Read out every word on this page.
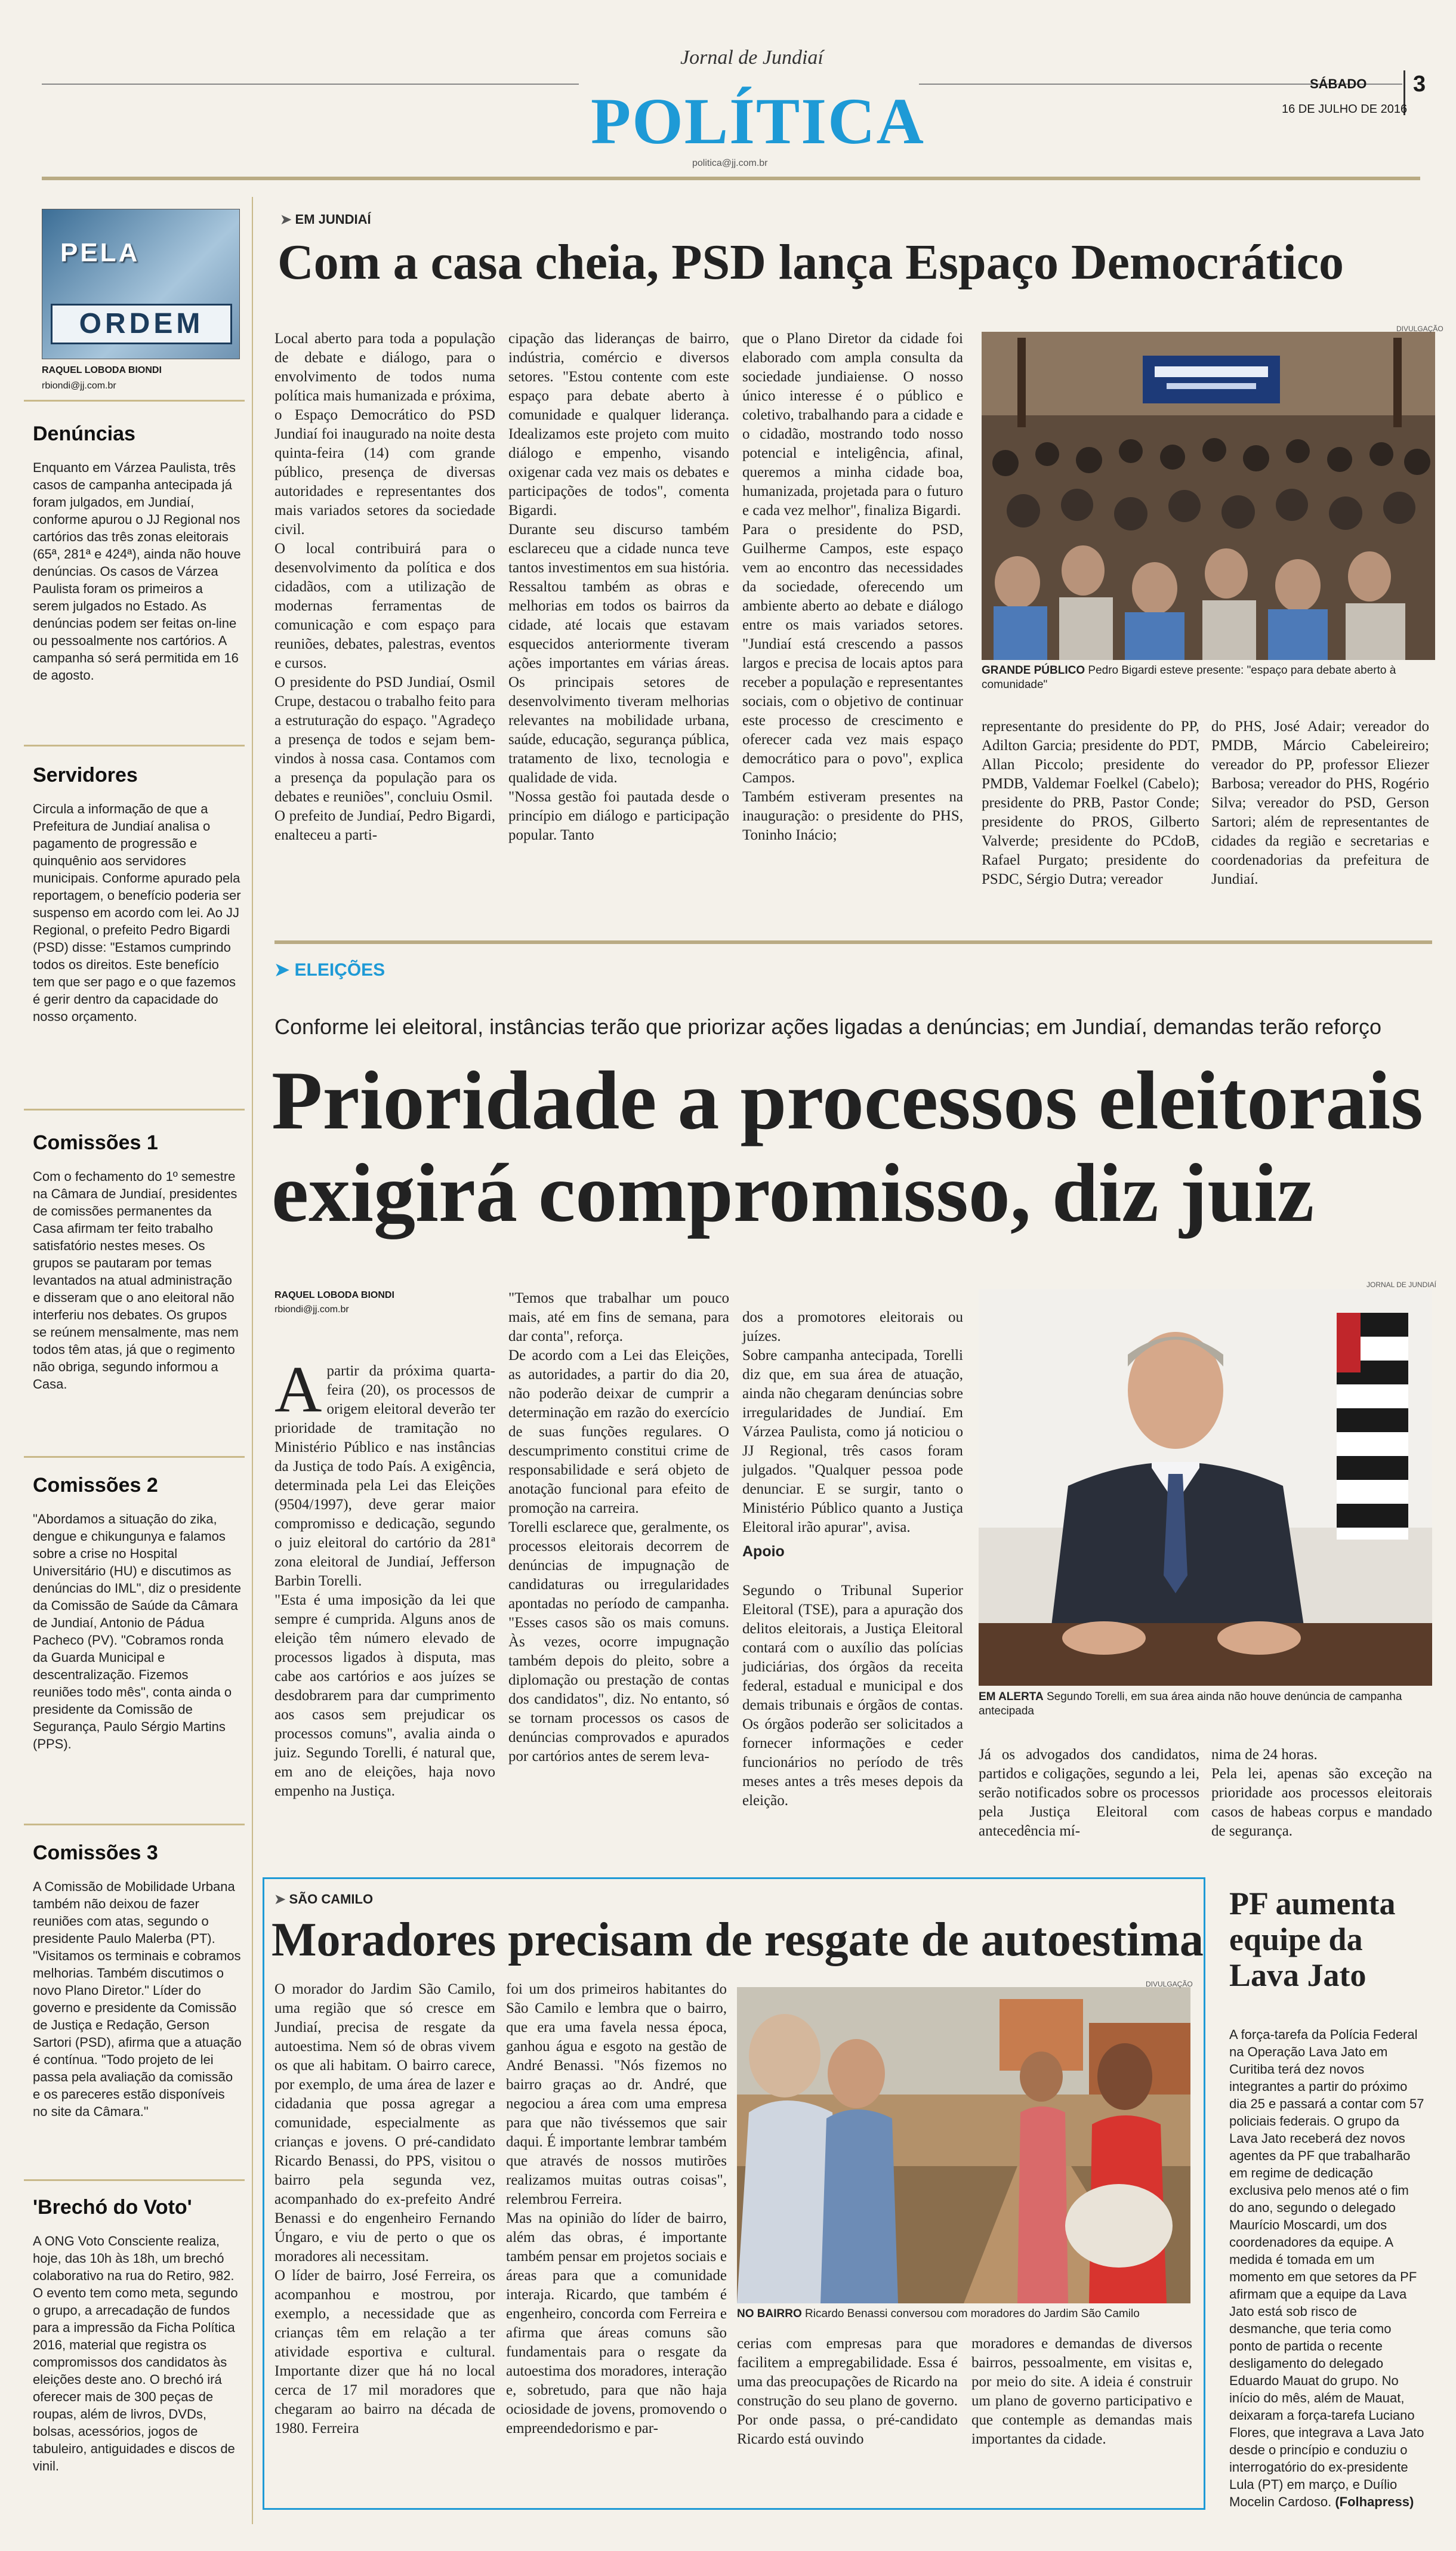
Jornal de Jundiaí
POLÍTICA
politica@jj.com.br
SÁBADO 3
16 DE JULHO DE 2016
PELA
ORDEM
RAQUEL LOBODA BIONDI
rbiondi@jj.com.br
Denúncias
Enquanto em Várzea Paulista, três casos de campanha antecipada já foram julgados, em Jundiaí, conforme apurou o JJ Regional nos cartórios das três zonas eleitorais (65ª, 281ª e 424ª), ainda não houve denúncias. Os casos de Várzea Paulista foram os primeiros a serem julgados no Estado. As denúncias podem ser feitas on-line ou pessoalmente nos cartórios. A campanha só será permitida em 16 de agosto.
Servidores
Circula a informação de que a Prefeitura de Jundiaí analisa o pagamento de progressão e quinquênio aos servidores municipais. Conforme apurado pela reportagem, o benefício poderia ser suspenso em acordo com lei. Ao JJ Regional, o prefeito Pedro Bigardi (PSD) disse: "Estamos cumprindo todos os direitos. Este benefício tem que ser pago e o que fazemos é gerir dentro da capacidade do nosso orçamento.
Comissões 1
Com o fechamento do 1º semestre na Câmara de Jundiaí, presidentes de comissões permanentes da Casa afirmam ter feito trabalho satisfatório nestes meses. Os grupos se pautaram por temas levantados na atual administração e disseram que o ano eleitoral não interferiu nos debates. Os grupos se reúnem mensalmente, mas nem todos têm atas, já que o regimento não obriga, segundo informou a Casa.
Comissões 2
"Abordamos a situação do zika, dengue e chikungunya e falamos sobre a crise no Hospital Universitário (HU) e discutimos as denúncias do IML", diz o presidente da Comissão de Saúde da Câmara de Jundiaí, Antonio de Pádua Pacheco (PV). "Cobramos ronda da Guarda Municipal e descentralização. Fizemos reuniões todo mês", conta ainda o presidente da Comissão de Segurança, Paulo Sérgio Martins (PPS).
Comissões 3
A Comissão de Mobilidade Urbana também não deixou de fazer reuniões com atas, segundo o presidente Paulo Malerba (PT). "Visitamos os terminais e cobramos melhorias. Também discutimos o novo Plano Diretor." Líder do governo e presidente da Comissão de Justiça e Redação, Gerson Sartori (PSD), afirma que a atuação é contínua. "Todo projeto de lei passa pela avaliação da comissão e os pareceres estão disponíveis no site da Câmara."
'Brechó do Voto'
A ONG Voto Consciente realiza, hoje, das 10h às 18h, um brechó colaborativo na rua do Retiro, 982. O evento tem como meta, segundo o grupo, a arrecadação de fundos para a impressão da Ficha Política 2016, material que registra os compromissos dos candidatos às eleições deste ano. O brechó irá oferecer mais de 300 peças de roupas, além de livros, DVDs, bolsas, acessórios, jogos de tabuleiro, antiguidades e discos de vinil.
➤ EM JUNDIAÍ
Com a casa cheia, PSD lança Espaço Democrático
Local aberto para toda a população de debate e diálogo, para o envolvimento de todos numa política mais humanizada e próxima, o Espaço Democrático do PSD Jundiaí foi inaugurado na noite desta quinta-feira (14) com grande público, presença de diversas autoridades e representantes dos mais variados setores da sociedade civil.
O local contribuirá para o desenvolvimento da política e dos cidadãos, com a utilização de modernas ferramentas de comunicação e com espaço para reuniões, debates, palestras, eventos e cursos.
O presidente do PSD Jundiaí, Osmil Crupe, destacou o trabalho feito para a estruturação do espaço. "Agradeço a presença de todos e sejam bem-vindos à nossa casa. Contamos com a presença da população para os debates e reuniões", concluiu Osmil.
O prefeito de Jundiaí, Pedro Bigardi, enalteceu a parti-
cipação das lideranças de bairro, indústria, comércio e diversos setores. "Estou contente com este espaço para debate aberto à comunidade e qualquer liderança. Idealizamos este projeto com muito diálogo e empenho, visando oxigenar cada vez mais os debates e participações de todos", comenta Bigardi.
Durante seu discurso também esclareceu que a cidade nunca teve tantos investimentos em sua história. Ressaltou também as obras e melhorias em todos os bairros da cidade, até locais que estavam esquecidos anteriormente tiveram ações importantes em várias áreas. Os principais setores de desenvolvimento tiveram melhorias relevantes na mobilidade urbana, saúde, educação, segurança pública, tratamento de lixo, tecnologia e qualidade de vida.
"Nossa gestão foi pautada desde o princípio em diálogo e participação popular. Tanto
que o Plano Diretor da cidade foi elaborado com ampla consulta da sociedade jundiaiense. O nosso único interesse é o público e coletivo, trabalhando para a cidade e o cidadão, mostrando todo nosso potencial e inteligência, afinal, queremos a minha cidade boa, humanizada, projetada para o futuro e cada vez melhor", finaliza Bigardi.
Para o presidente do PSD, Guilherme Campos, este espaço vem ao encontro das necessidades da sociedade, oferecendo um ambiente aberto ao debate e diálogo entre os mais variados setores. "Jundiaí está crescendo a passos largos e precisa de locais aptos para receber a população e representantes sociais, com o objetivo de continuar este processo de crescimento e oferecer cada vez mais espaço democrático para o povo", explica Campos.
Também estiveram presentes na inauguração: o presidente do PHS, Toninho Inácio;
DIVULGAÇÃO
GRANDE PÚBLICO Pedro Bigardi esteve presente: "espaço para debate aberto à comunidade"
representante do presidente do PP, Adilton Garcia; presidente do PDT, Allan Piccolo; presidente do PMDB, Valdemar Foelkel (Cabelo); presidente do PRB, Pastor Conde; presidente do PROS, Gilberto Valverde; presidente do PCdoB, Rafael Purgato; presidente do PSDC, Sérgio Dutra; vereador
do PHS, José Adair; vereador do PMDB, Márcio Cabeleireiro; vereador do PP, professor Eliezer Barbosa; vereador do PHS, Rogério Silva; vereador do PSD, Gerson Sartori; além de representantes de cidades da região e secretarias e coordenadorias da prefeitura de Jundiaí.
➤ ELEIÇÕES
Conforme lei eleitoral, instâncias terão que priorizar ações ligadas a denúncias; em Jundiaí, demandas terão reforço
Prioridade a processos eleitorais
exigirá compromisso, diz juiz
RAQUEL LOBODA BIONDI
rbiondi@jj.com.br

Apartir da próxima quarta-feira (20), os processos de origem eleitoral deverão ter prioridade de tramitação no Ministério Público e nas instâncias da Justiça de todo País. A exigência, determinada pela Lei das Eleições (9504/1997), deve gerar maior compromisso e dedicação, segundo o juiz eleitoral do cartório da 281ª zona eleitoral de Jundiaí, Jefferson Barbin Torelli.
"Esta é uma imposição da lei que sempre é cumprida. Alguns anos de eleição têm número elevado de processos ligados à disputa, mas cabe aos cartórios e aos juízes se desdobrarem para dar cumprimento aos casos sem prejudicar os processos comuns", avalia ainda o juiz. Segundo Torelli, é natural que, em ano de eleições, haja novo empenho na Justiça.

"Temos que trabalhar um pouco mais, até em fins de semana, para dar conta", reforça.
De acordo com a Lei das Eleições, as autoridades, a partir do dia 20, não poderão deixar de cumprir a determinação em razão do exercício de suas funções regulares. O descumprimento constitui crime de responsabilidade e será objeto de anotação funcional para efeito de promoção na carreira.
Torelli esclarece que, geralmente, os processos eleitorais decorrem de denúncias de impugnação de candidaturas ou irregularidades apontadas no período de campanha. "Esses casos são os mais comuns. Às vezes, ocorre impugnação também depois do pleito, sobre a diplomação ou prestação de contas dos candidatos", diz. No entanto, só se tornam processos os casos de denúncias comprovados e apurados por cartórios antes de serem leva-

dos a promotores eleitorais ou juízes.
Sobre campanha antecipada, Torelli diz que, em sua área de atuação, ainda não chegaram denúncias sobre irregularidades de Jundiaí. Em Várzea Paulista, como já noticiou o JJ Regional, três casos foram julgados. "Qualquer pessoa pode denunciar. E se surgir, tanto o Ministério Público quanto a Justiça Eleitoral irão apurar", avisa.

Apoio

Segundo o Tribunal Superior Eleitoral (TSE), para a apuração dos delitos eleitorais, a Justiça Eleitoral contará com o auxílio das polícias judiciárias, dos órgãos da receita federal, estadual e municipal e dos demais tribunais e órgãos de contas. Os órgãos poderão ser solicitados a fornecer informações e ceder funcionários no período de três meses antes a três meses depois da eleição.

JORNAL DE JUNDIAÍ
EM ALERTA Segundo Torelli, em sua área ainda não houve denúncia de campanha antecipada
Já os advogados dos candidatos, partidos e coligações, segundo a lei, serão notificados sobre os processos pela Justiça Eleitoral com antecedência mí-
nima de 24 horas.
Pela lei, apenas são exceção na prioridade aos processos eleitorais casos de habeas corpus e mandado de segurança.
➤ SÃO CAMILO
Moradores precisam de resgate de autoestima
O morador do Jardim São Camilo, uma região que só cresce em Jundiaí, precisa de resgate da autoestima. Nem só de obras vivem os que ali habitam. O bairro carece, por exemplo, de uma área de lazer e cidadania que possa agregar a comunidade, especialmente as crianças e jovens. O pré-candidato Ricardo Benassi, do PPS, visitou o bairro pela segunda vez, acompanhado do ex-prefeito André Benassi e do engenheiro Fernando Úngaro, e viu de perto o que os moradores ali necessitam.
O líder de bairro, José Ferreira, os acompanhou e mostrou, por exemplo, a necessidade que as crianças têm em relação a ter atividade esportiva e cultural. Importante dizer que há no local cerca de 17 mil moradores que chegaram ao bairro na década de 1980. Ferreira
foi um dos primeiros habitantes do São Camilo e lembra que o bairro, que era uma favela nessa época, ganhou água e esgoto na gestão de André Benassi. "Nós fizemos no bairro graças ao dr. André, que negociou a área com uma empresa para que não tivéssemos que sair daqui. É importante lembrar também que através de nossos mutirões realizamos muitas outras coisas", relembrou Ferreira.
Mas na opinião do líder de bairro, além das obras, é importante também pensar em projetos sociais e áreas para que a comunidade interaja. Ricardo, que também é engenheiro, concorda com Ferreira e afirma que áreas comuns são fundamentais para o resgate da autoestima dos moradores, interação e, sobretudo, para que não haja ociosidade de jovens, promovendo o empreendedorismo e par-
DIVULGAÇÃO
NO BAIRRO Ricardo Benassi conversou com moradores do Jardim São Camilo
cerias com empresas para que facilitem a empregabilidade. Essa é uma das preocupações de Ricardo na construção do seu plano de governo. Por onde passa, o pré-candidato Ricardo está ouvindo
moradores e demandas de diversos bairros, pessoalmente, em visitas e, por meio do site. A ideia é construir um plano de governo participativo e que contemple as demandas mais importantes da cidade.
PF aumenta equipe da Lava Jato
A força-tarefa da Polícia Federal na Operação Lava Jato em Curitiba terá dez novos integrantes a partir do próximo dia 25 e passará a contar com 57 policiais federais. O grupo da Lava Jato receberá dez novos agentes da PF que trabalharão em regime de dedicação exclusiva pelo menos até o fim do ano, segundo o delegado Maurício Moscardi, um dos coordenadores da equipe. A medida é tomada em um momento em que setores da PF afirmam que a equipe da Lava Jato está sob risco de desmanche, que teria como ponto de partida o recente desligamento do delegado Eduardo Mauat do grupo. No início do mês, além de Mauat, deixaram a força-tarefa Luciano Flores, que integrava a Lava Jato desde o princípio e conduziu o interrogatório do ex-presidente Lula (PT) em março, e Duílio Mocelin Cardoso. (Folhapress)
